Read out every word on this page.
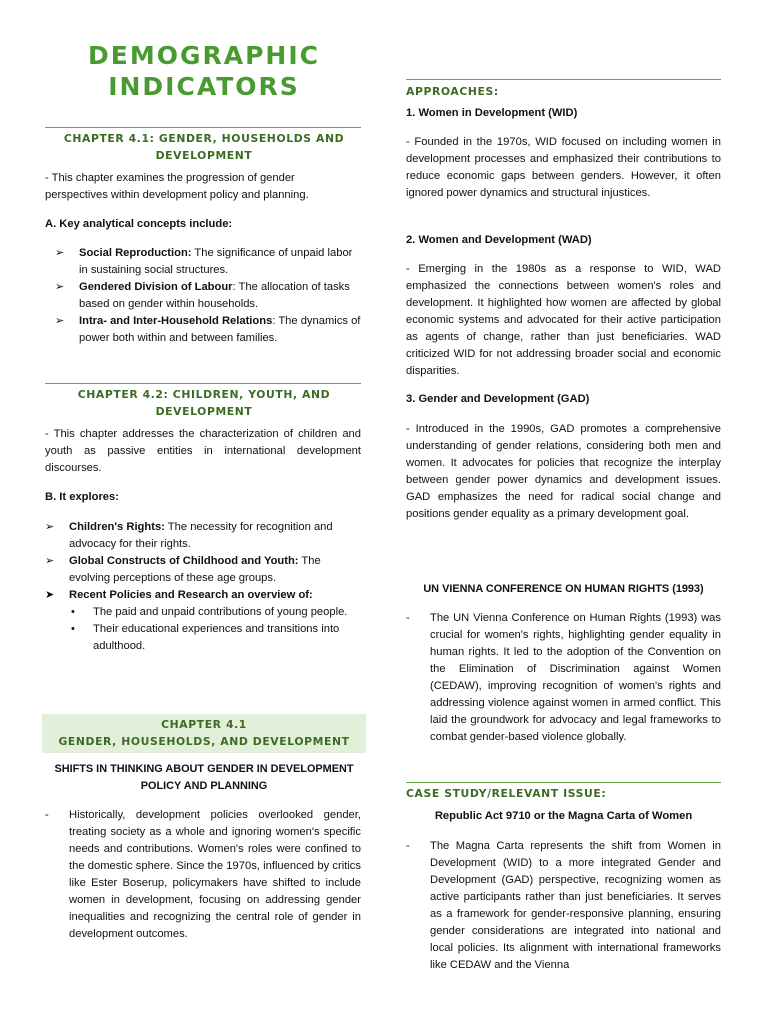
DEMOGRAPHIC
INDICATORS
CHAPTER 4.1: GENDER, HOUSEHOLDS AND
DEVELOPMENT
- This chapter examines the progression of gender perspectives within development policy and planning.
A. Key analytical concepts include:
➢ Social Reproduction: The significance of unpaid labor in sustaining social structures.
➢ Gendered Division of Labour: The allocation of tasks based on gender within households.
➢ Intra- and Inter-Household Relations: The dynamics of power both within and between families.
CHAPTER 4.2: CHILDREN, YOUTH, AND
DEVELOPMENT
- This chapter addresses the characterization of children and youth as passive entities in international development discourses.
B. It explores:
➢ Children's Rights: The necessity for recognition and advocacy for their rights.
➢ Global Constructs of Childhood and Youth: The evolving perceptions of these age groups.
➤ Recent Policies and Research an overview of:
• The paid and unpaid contributions of young people.
• Their educational experiences and transitions into adulthood.
CHAPTER 4.1
GENDER, HOUSEHOLDS, AND DEVELOPMENT
SHIFTS IN THINKING ABOUT GENDER IN DEVELOPMENT
POLICY AND PLANNING
- Historically, development policies overlooked gender, treating society as a whole and ignoring women's specific needs and contributions. Women's roles were confined to the domestic sphere. Since the 1970s, influenced by critics like Ester Boserup, policymakers have shifted to include women in development, focusing on addressing gender inequalities and recognizing the central role of gender in development outcomes.
APPROACHES:
1. Women in Development (WID)
- Founded in the 1970s, WID focused on including women in development processes and emphasized their contributions to reduce economic gaps between genders. However, it often ignored power dynamics and structural injustices.
2. Women and Development (WAD)
- Emerging in the 1980s as a response to WID, WAD emphasized the connections between women's roles and development. It highlighted how women are affected by global economic systems and advocated for their active participation as agents of change, rather than just beneficiaries. WAD criticized WID for not addressing broader social and economic disparities.
3. Gender and Development (GAD)
- Introduced in the 1990s, GAD promotes a comprehensive understanding of gender relations, considering both men and women. It advocates for policies that recognize the interplay between gender power dynamics and development issues. GAD emphasizes the need for radical social change and positions gender equality as a primary development goal.
UN VIENNA CONFERENCE ON HUMAN RIGHTS (1993)
- The UN Vienna Conference on Human Rights (1993) was crucial for women's rights, highlighting gender equality in human rights. It led to the adoption of the Convention on the Elimination of Discrimination against Women (CEDAW), improving recognition of women's rights and addressing violence against women in armed conflict. This laid the groundwork for advocacy and legal frameworks to combat gender-based violence globally.
CASE STUDY/RELEVANT ISSUE:
Republic Act 9710 or the Magna Carta of Women
- The Magna Carta represents the shift from Women in Development (WID) to a more integrated Gender and Development (GAD) perspective, recognizing women as active participants rather than just beneficiaries. It serves as a framework for gender-responsive planning, ensuring gender considerations are integrated into national and local policies. Its alignment with international frameworks like CEDAW and the Vienna
